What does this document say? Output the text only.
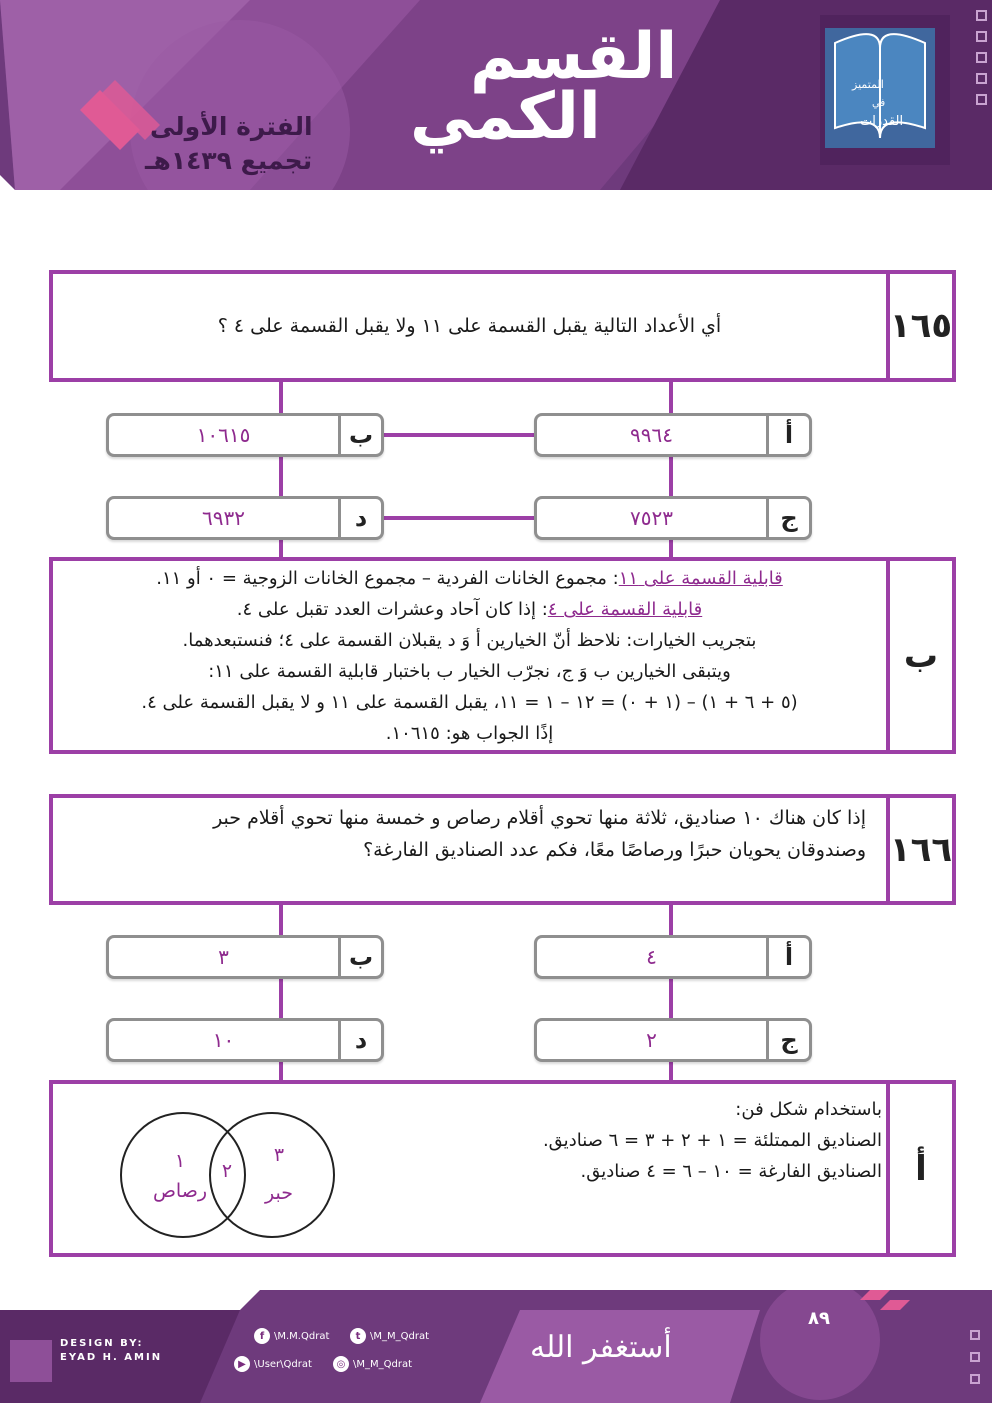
القسم
الكمي
الفترة الأولى
تجميع ١٤٣٩هـ
المتميز
في
القدرات
أي الأعداد التالية يقبل القسمة على ١١ ولا يقبل القسمة على ٤ ؟	١٦٥
٩٩٦٤	أ
١٠٦١٥	ب
٧٥٢٣	ج
٦٩٣٢	د
قابلية القسمة على ١١: مجموع الخانات الفردية – مجموع الخانات الزوجية = ٠ أو ١١.
قابلية القسمة على ٤: إذا كان آحاد وعشرات العدد تقبل على ٤.
بتجريب الخيارات: نلاحظ أنّ الخيارين أ وَ د يقبلان القسمة على ٤؛ فنستبعدهما.
ويتبقى الخيارين ب وَ ج، نجرّب الخيار ب باختبار قابلية القسمة على ١١:
(٥ + ٦ + ١) – (١ + ٠) = ١٢ – ١ = ١١، يقبل القسمة على ١١ و لا يقبل القسمة على ٤.
إذًا الجواب هو: ١٠٦١٥.
ب
إذا كان هناك ١٠ صناديق، ثلاثة منها تحوي أقلام رصاص و خمسة منها تحوي أقلام حبر
وصندوقان يحويان حبرًا ورصاصًا معًا، فكم عدد الصناديق الفارغة؟ ١٦٦
٤	أ
٣	ب
٢	ج
١٠	د
باستخدام شكل فن:
الصناديق الممتلئة = ١ + ٢ + ٣ = ٦ صناديق.
الصناديق الفارغة = ١٠ – ٦ = ٤ صناديق.
١
رصاص
٢
٣
حبر
أ
DESIGN BY:
EYAD H. AMIN
f \M.M.Qdrat	t \M_M_Qdrat
▶ \User\Qdrat	◎ \M_M_Qdrat	أستغفر الله
٨٩
